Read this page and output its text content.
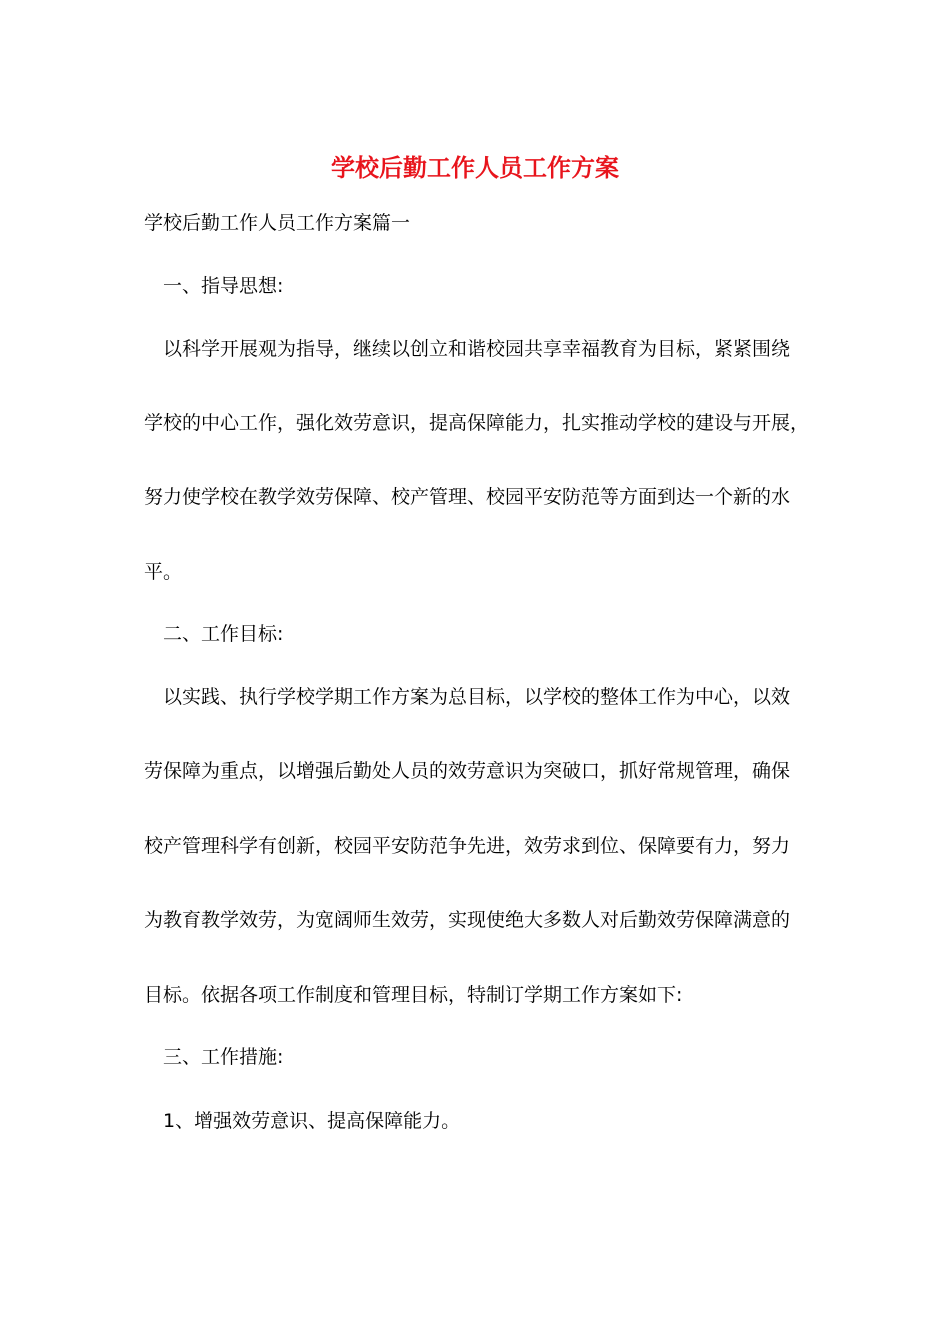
学校后勤工作人员工作方案

学校后勤工作人员工作方案篇一

一、指导思想:

以科学开展观为指导，继续以创立和谐校园共享幸福教育为目标，紧紧围绕

学校的中心工作，强化效劳意识，提高保障能力，扎实推动学校的建设与开展，

努力使学校在教学效劳保障、校产管理、校园平安防范等方面到达一个新的水

平。

二、工作目标:

以实践、执行学校学期工作方案为总目标，以学校的整体工作为中心，以效

劳保障为重点，以增强后勤处人员的效劳意识为突破口，抓好常规管理，确保

校产管理科学有创新，校园平安防范争先进，效劳求到位、保障要有力，努力

为教育教学效劳，为宽阔师生效劳，实现使绝大多数人对后勤效劳保障满意的

目标。依据各项工作制度和管理目标，特制订学期工作方案如下:

三、工作措施:

1、增强效劳意识、提高保障能力。
